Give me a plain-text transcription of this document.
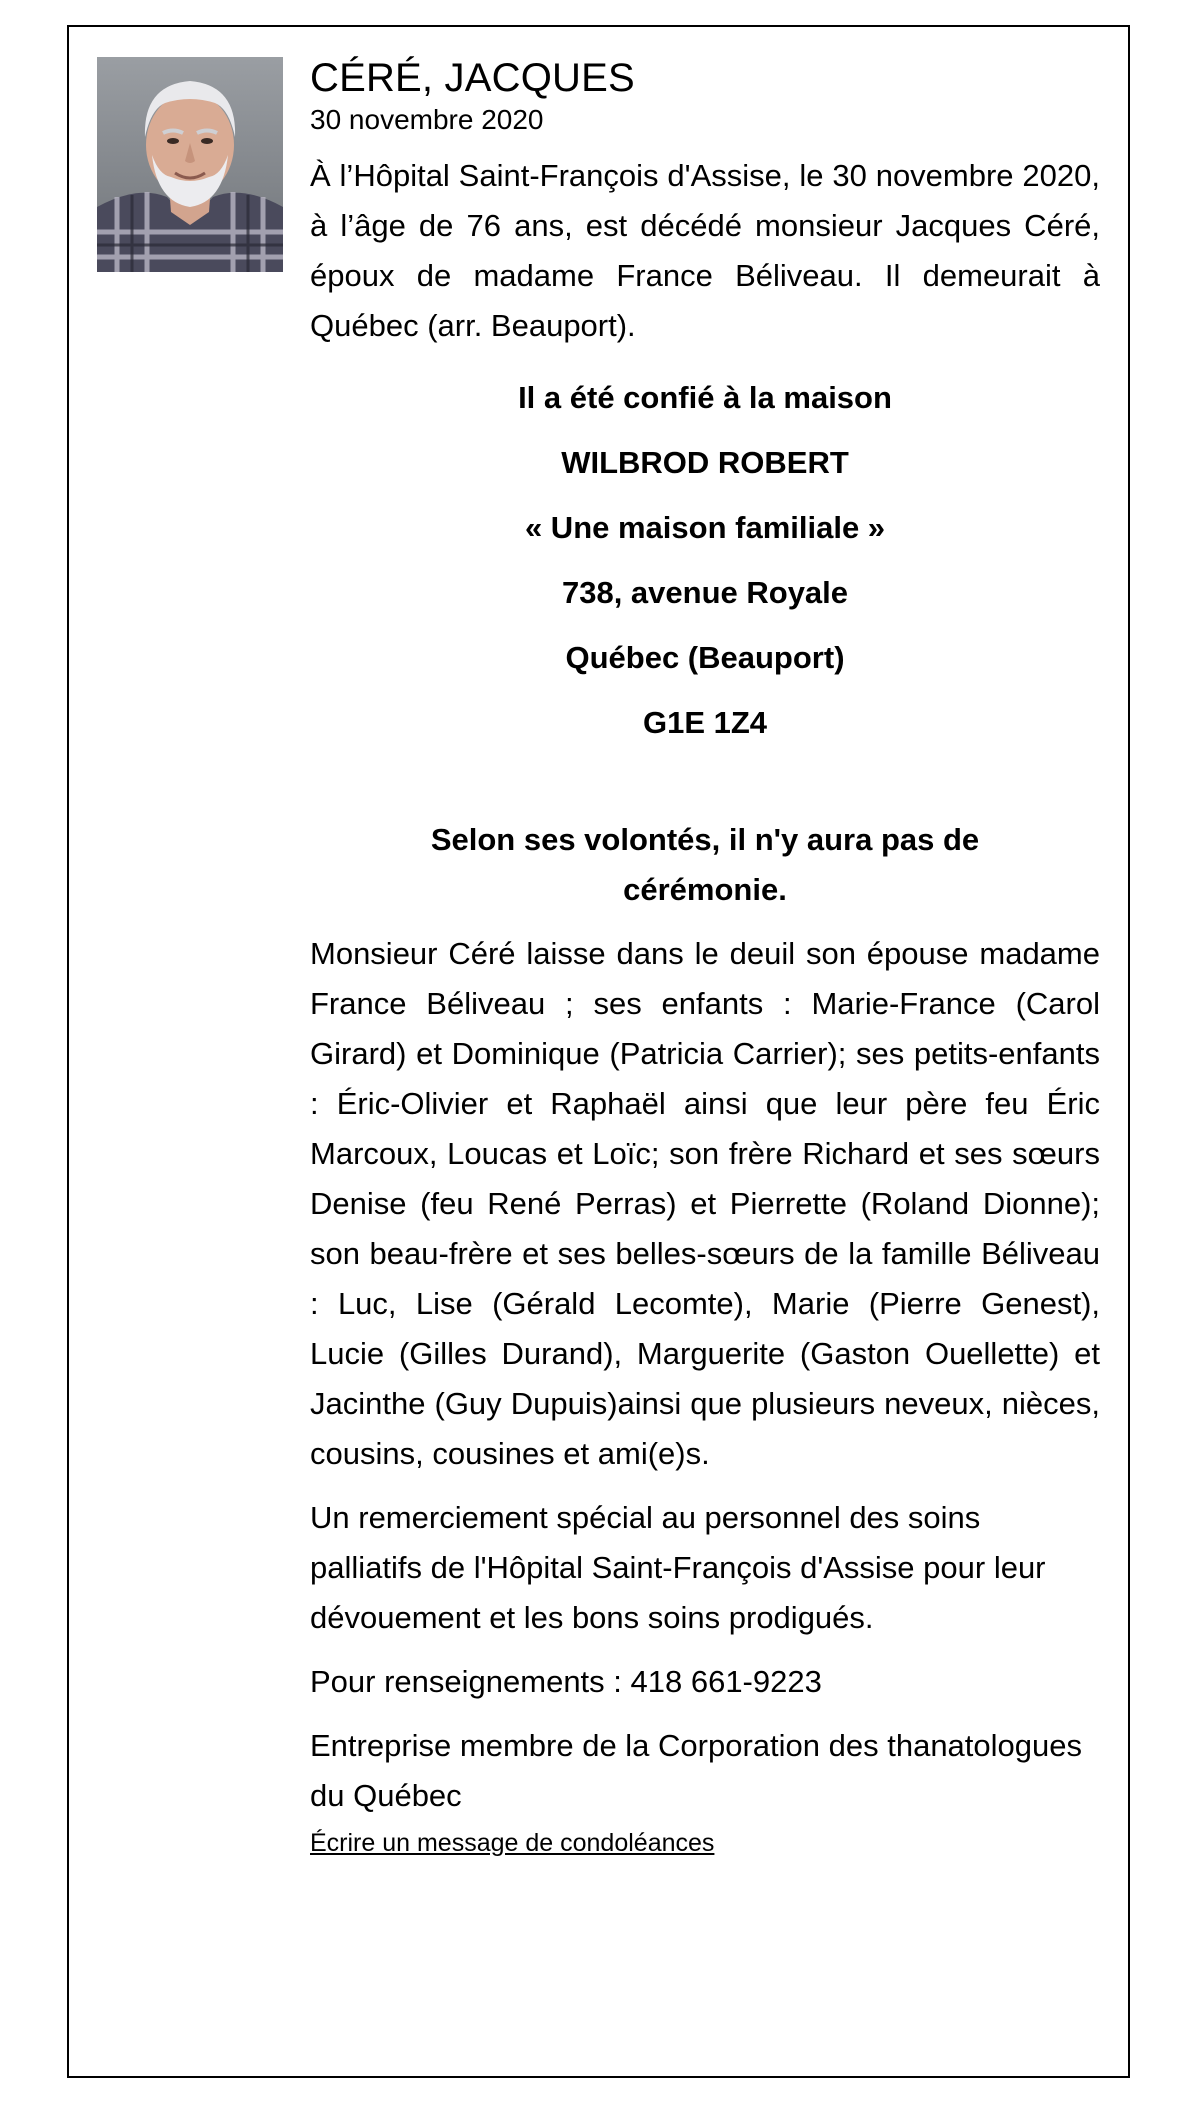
CÉRÉ, JACQUES
30 novembre 2020

À l’Hôpital Saint-François d'Assise, le 30 novembre 2020, à l’âge de 76 ans, est décédé monsieur Jacques Céré, époux de madame France Béliveau. Il demeurait à Québec (arr. Beauport).

Il a été confié à la maison
WILBROD ROBERT
« Une maison familiale »
738, avenue Royale
Québec (Beauport)
G1E 1Z4

Selon ses volontés, il n'y aura pas de cérémonie.

Monsieur Céré laisse dans le deuil son épouse madame France Béliveau ; ses enfants : Marie-France (Carol Girard) et Dominique (Patricia Carrier); ses petits-enfants : Éric-Olivier et Raphaël ainsi que leur père feu Éric Marcoux, Loucas et Loïc; son frère Richard et ses sœurs Denise (feu René Perras) et Pierrette (Roland Dionne); son beau-frère et ses belles-sœurs de la famille Béliveau : Luc, Lise (Gérald Lecomte), Marie (Pierre Genest), Lucie (Gilles Durand), Marguerite (Gaston Ouellette) et Jacinthe (Guy Dupuis)ainsi que plusieurs neveux, nièces, cousins, cousines et ami(e)s.

Un remerciement spécial au personnel des soins palliatifs de l'Hôpital Saint-François d'Assise pour leur dévouement et les bons soins prodigués.

Pour renseignements : 418 661-9223

Entreprise membre de la Corporation des thanatologues du Québec

Écrire un message de condoléances
